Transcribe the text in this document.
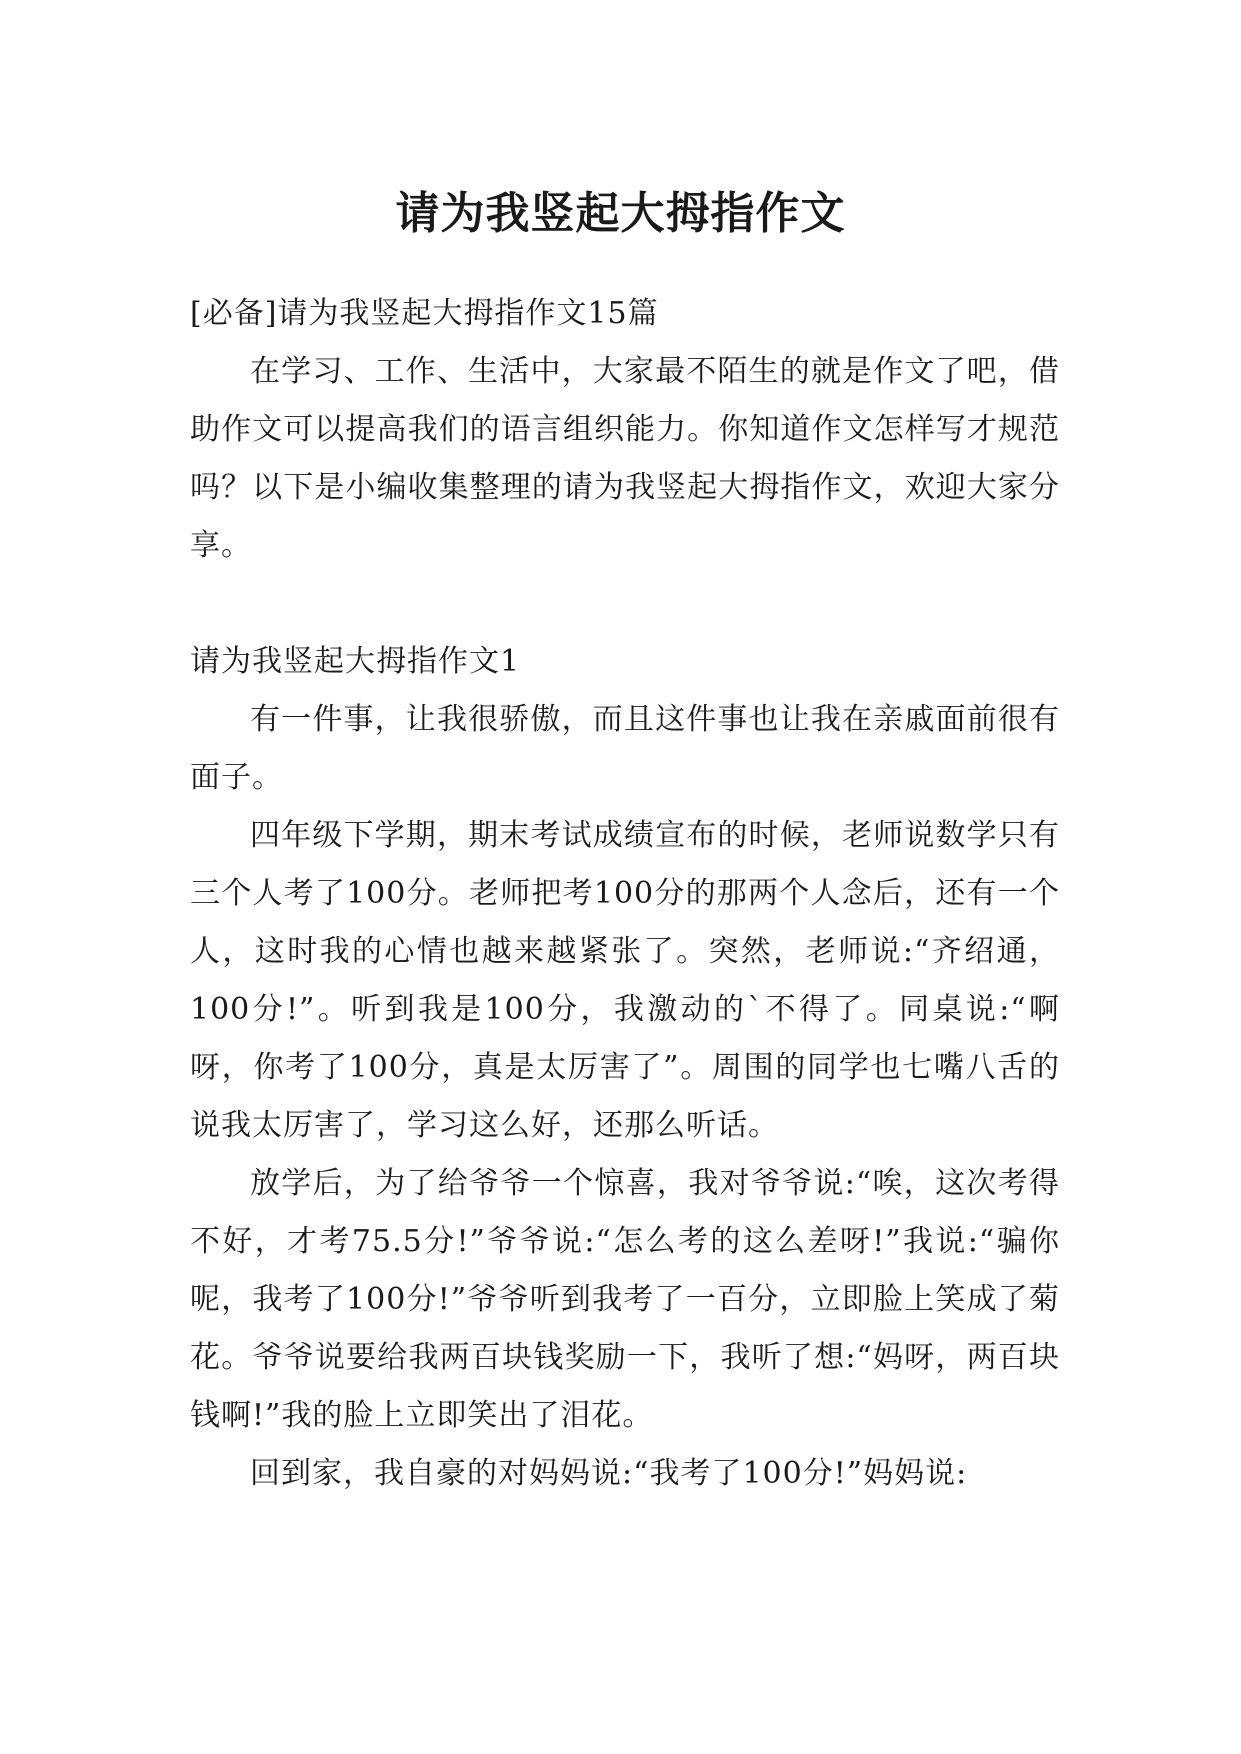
请为我竖起大拇指作文

[必备]请为我竖起大拇指作文15篇

在学习、工作、生活中，大家最不陌生的就是作文了吧，借助作文可以提高我们的语言组织能力。你知道作文怎样写才规范吗？以下是小编收集整理的请为我竖起大拇指作文，欢迎大家分享。

请为我竖起大拇指作文1

有一件事，让我很骄傲，而且这件事也让我在亲戚面前很有面子。

四年级下学期，期末考试成绩宣布的时候，老师说数学只有三个人考了100分。老师把考100分的那两个人念后，还有一个人，这时我的心情也越来越紧张了。突然，老师说:“齐绍通，100分!”。听到我是100分，我激动的`不得了。同桌说:“啊呀，你考了100分，真是太厉害了”。周围的同学也七嘴八舌的说我太厉害了，学习这么好，还那么听话。

放学后，为了给爷爷一个惊喜，我对爷爷说:“唉，这次考得不好，才考75.5分!”爷爷说:“怎么考的这么差呀!”我说:“骗你呢，我考了100分!”爷爷听到我考了一百分，立即脸上笑成了菊花。爷爷说要给我两百块钱奖励一下，我听了想:“妈呀，两百块钱啊!”我的脸上立即笑出了泪花。

回到家，我自豪的对妈妈说:“我考了100分!”妈妈说:
